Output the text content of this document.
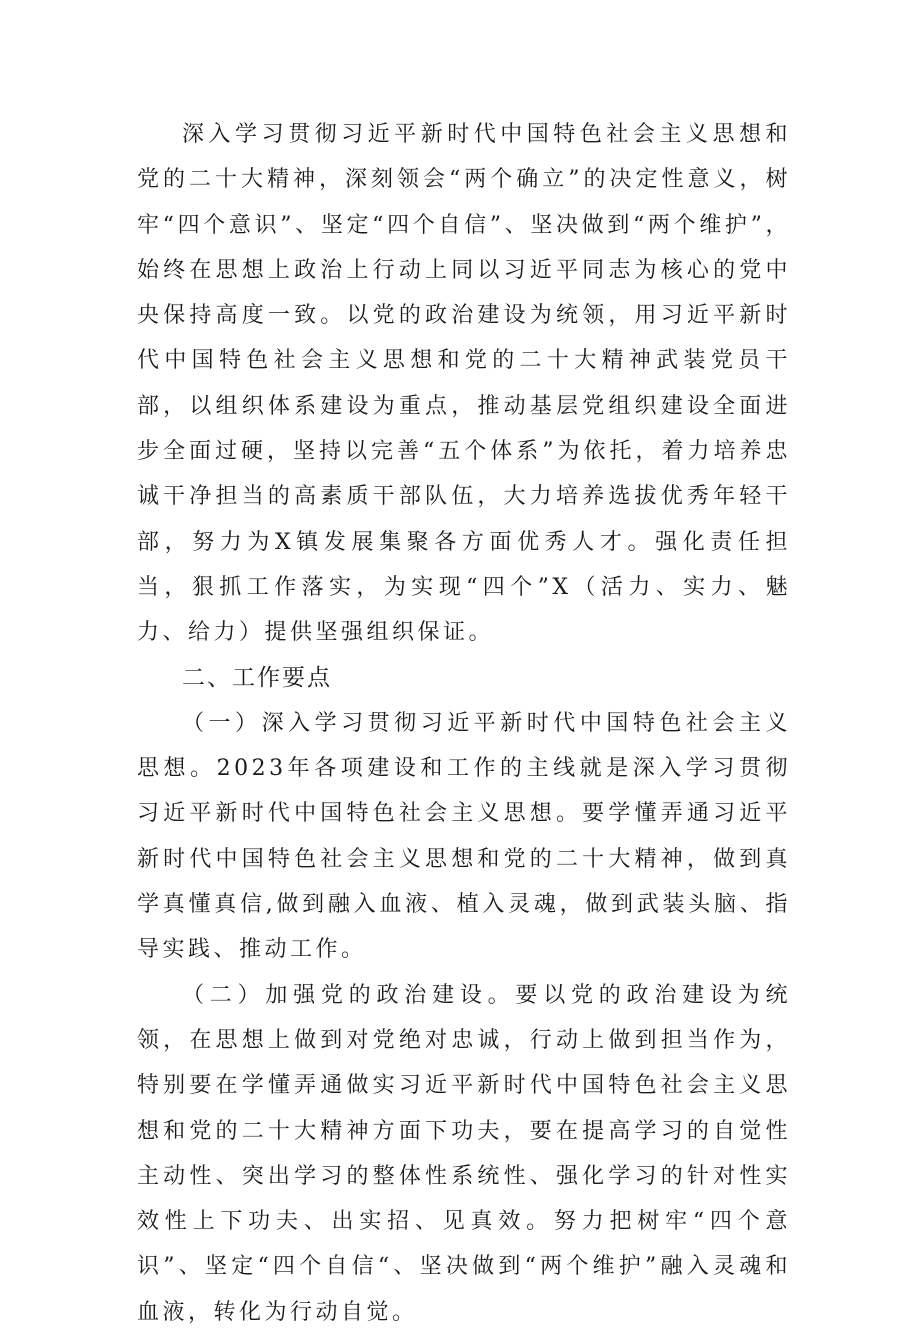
深入学习贯彻习近平新时代中国特色社会主义思想和党的二十大精神，深刻领会“两个确立”的决定性意义，树牢“四个意识”、坚定“四个自信”、坚决做到“两个维护”，始终在思想上政治上行动上同以习近平同志为核心的党中央保持高度一致。以党的政治建设为统领，用习近平新时代中国特色社会主义思想和党的二十大精神武装党员干部，以组织体系建设为重点，推动基层党组织建设全面进步全面过硬，坚持以完善“五个体系”为依托，着力培养忠诚干净担当的高素质干部队伍，大力培养选拔优秀年轻干部，努力为X镇发展集聚各方面优秀人才。强化责任担当，狠抓工作落实，为实现“四个”X（活力、实力、魅力、给力）提供坚强组织保证。

二、工作要点

（一）深入学习贯彻习近平新时代中国特色社会主义思想。2023年各项建设和工作的主线就是深入学习贯彻习近平新时代中国特色社会主义思想。要学懂弄通习近平新时代中国特色社会主义思想和党的二十大精神，做到真学真懂真信,做到融入血液、植入灵魂，做到武装头脑、指导实践、推动工作。

（二）加强党的政治建设。要以党的政治建设为统领，在思想上做到对党绝对忠诚，行动上做到担当作为，特别要在学懂弄通做实习近平新时代中国特色社会主义思想和党的二十大精神方面下功夫，要在提高学习的自觉性主动性、突出学习的整体性系统性、强化学习的针对性实效性上下功夫、出实招、见真效。努力把树牢“四个意识”、坚定“四个自信“、坚决做到“两个维护”融入灵魂和血液，转化为行动自觉。
